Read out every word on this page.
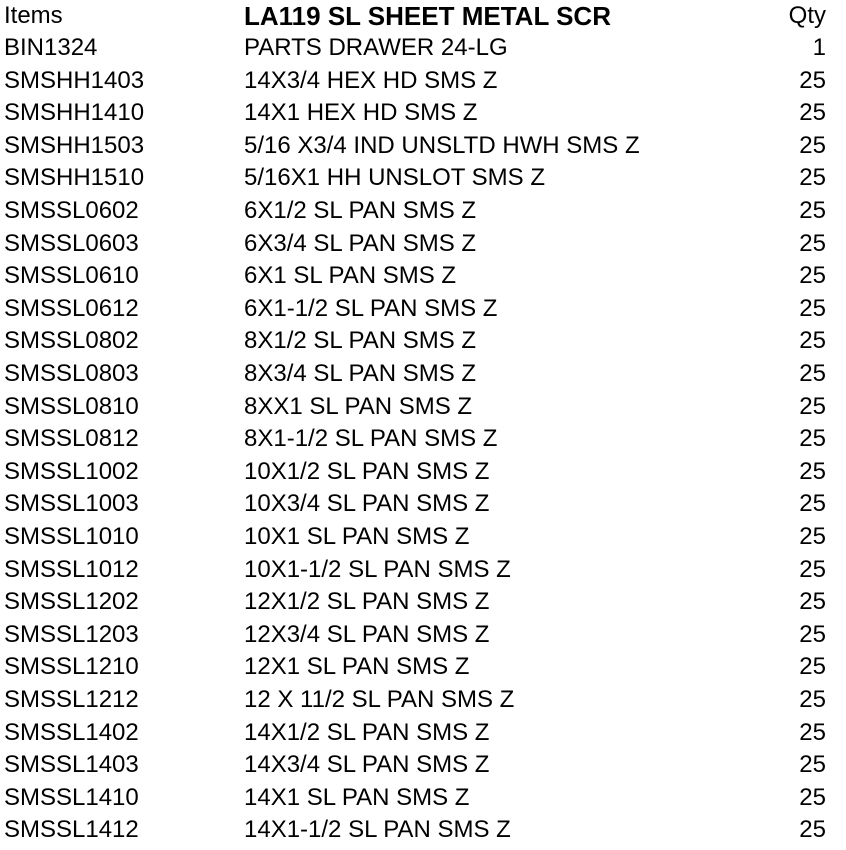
Items	LA119 SL SHEET METAL SCR	Qty
BIN1324	PARTS DRAWER 24-LG	1
SMSHH1403	14X3/4 HEX HD SMS Z	25
SMSHH1410	14X1 HEX HD SMS Z	25
SMSHH1503	5/16 X3/4 IND UNSLTD HWH SMS Z	25
SMSHH1510	5/16X1 HH UNSLOT SMS Z	25
SMSSL0602	6X1/2 SL PAN SMS Z	25
SMSSL0603	6X3/4 SL PAN SMS Z	25
SMSSL0610	6X1 SL PAN SMS Z	25
SMSSL0612	6X1-1/2 SL PAN SMS Z	25
SMSSL0802	8X1/2 SL PAN SMS Z	25
SMSSL0803	8X3/4 SL PAN SMS Z	25
SMSSL0810	8XX1 SL PAN SMS Z	25
SMSSL0812	8X1-1/2 SL PAN SMS Z	25
SMSSL1002	10X1/2 SL PAN SMS Z	25
SMSSL1003	10X3/4 SL PAN SMS Z	25
SMSSL1010	10X1 SL PAN SMS Z	25
SMSSL1012	10X1-1/2 SL PAN SMS Z	25
SMSSL1202	12X1/2 SL PAN SMS Z	25
SMSSL1203	12X3/4 SL PAN SMS Z	25
SMSSL1210	12X1 SL PAN SMS Z	25
SMSSL1212	12 X 11/2 SL PAN SMS Z	25
SMSSL1402	14X1/2 SL PAN SMS Z	25
SMSSL1403	14X3/4 SL PAN SMS Z	25
SMSSL1410	14X1 SL PAN SMS Z	25
SMSSL1412	14X1-1/2 SL PAN SMS Z	25
